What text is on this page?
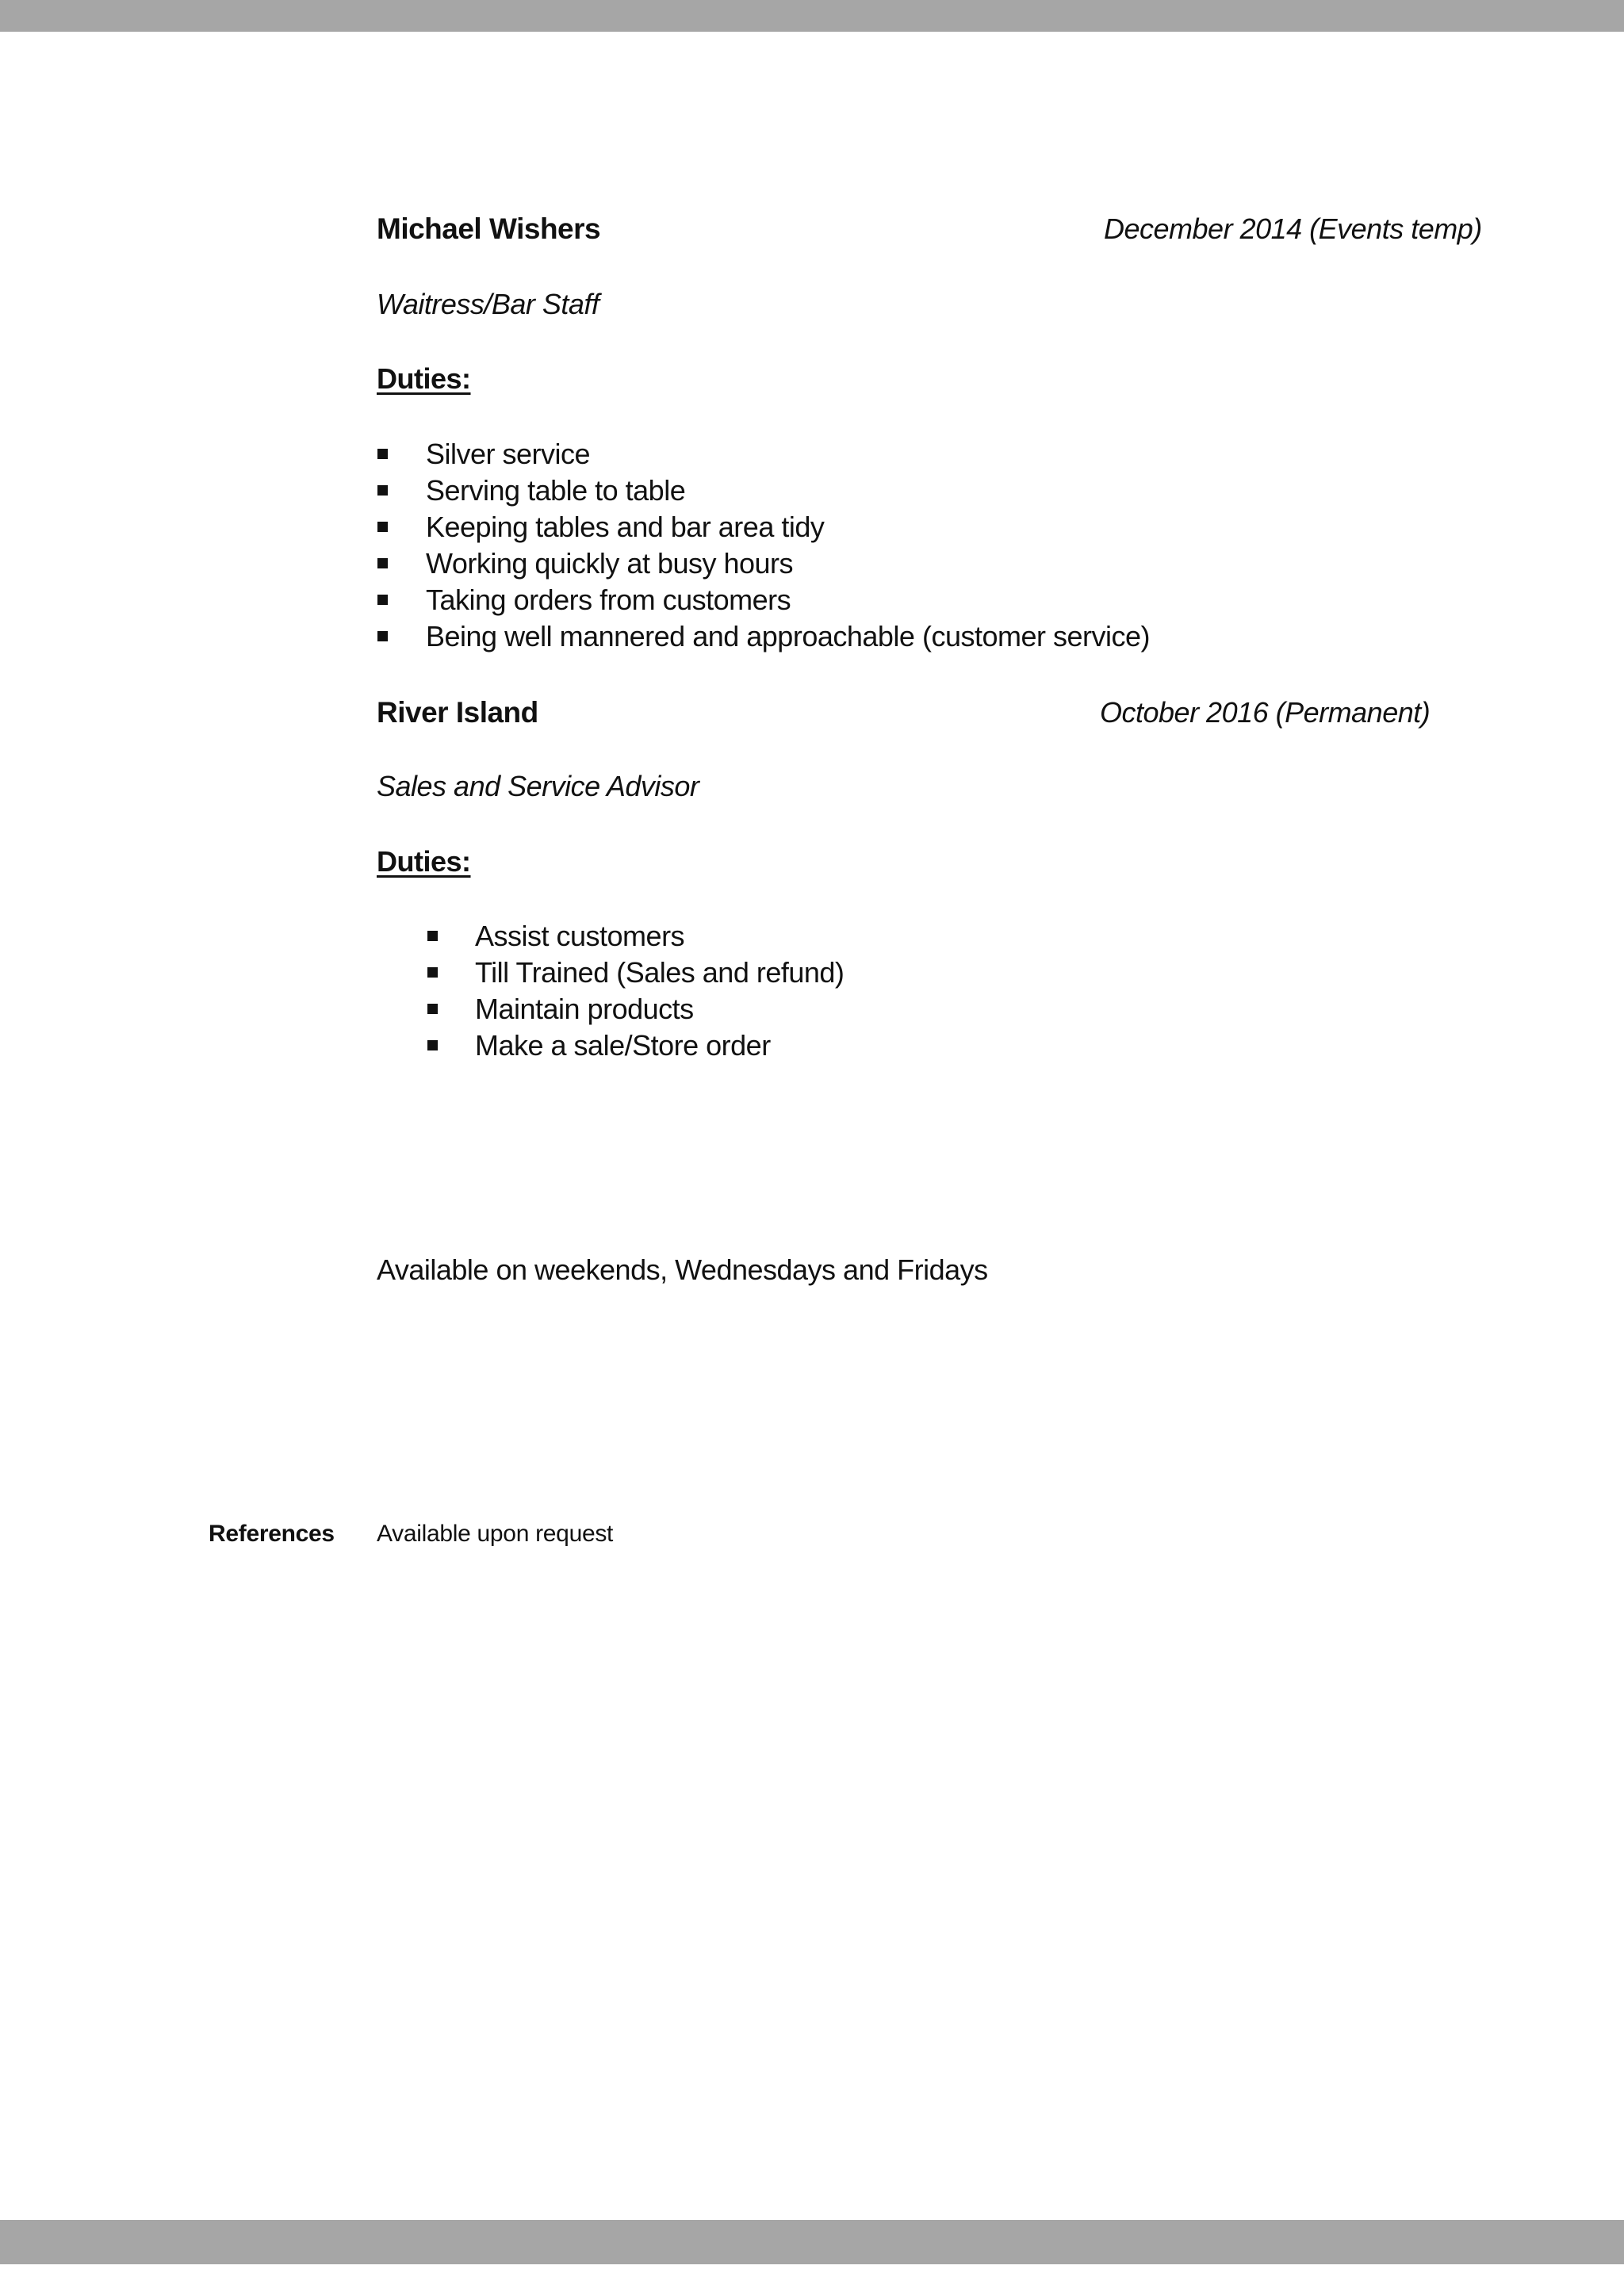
Michael Wishers	December 2014 (Events temp)
Waitress/Bar Staff
Duties:
Silver service
Serving table to table
Keeping tables and bar area tidy
Working quickly at busy hours
Taking orders from customers
Being well mannered and approachable (customer service)
River Island	October 2016 (Permanent)
Sales and Service Advisor
Duties:
Assist customers
Till Trained (Sales and refund)
Maintain products
Make a sale/Store order
Available on weekends, Wednesdays and Fridays
References Available upon request
